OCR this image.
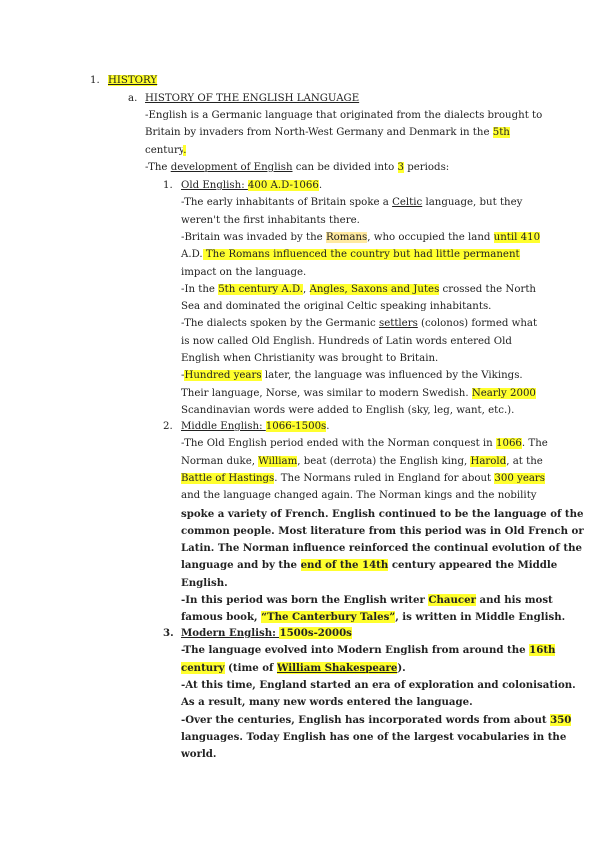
1. HISTORY
a. HISTORY OF THE ENGLISH LANGUAGE
-English is a Germanic language that originated from the dialects brought to
Britain by invaders from North-West Germany and Denmark in the 5th
century.
-The development of English can be divided into 3 periods:
1. Old English: 400 A.D-1066.
-The early inhabitants of Britain spoke a Celtic language, but they
weren't the first inhabitants there.
-Britain was invaded by the Romans, who occupied the land until 410
A.D. The Romans influenced the country but had little permanent
impact on the language.
-In the 5th century A.D., Angles, Saxons and Jutes crossed the North
Sea and dominated the original Celtic speaking inhabitants.
-The dialects spoken by the Germanic settlers (colonos) formed what
is now called Old English. Hundreds of Latin words entered Old
English when Christianity was brought to Britain.
-Hundred years later, the language was influenced by the Vikings.
Their language, Norse, was similar to modern Swedish. Nearly 2000
Scandinavian words were added to English (sky, leg, want, etc.).
2. Middle English: 1066-1500s.
-The Old English period ended with the Norman conquest in 1066. The
Norman duke, William, beat (derrota) the English king, Harold, at the
Battle of Hastings. The Normans ruled in England for about 300 years
and the language changed again. The Norman kings and the nobility
spoke a variety of French. English continued to be the language of the
common people. Most literature from this period was in Old French or
Latin. The Norman influence reinforced the continual evolution of the
language and by the end of the 14th century appeared the Middle
English.
-In this period was born the English writer Chaucer and his most
famous book, “The Canterbury Tales”, is written in Middle English.
3. Modern English: 1500s-2000s
-The language evolved into Modern English from around the 16th
century (time of William Shakespeare).
-At this time, England started an era of exploration and colonisation.
As a result, many new words entered the language.
-Over the centuries, English has incorporated words from about 350
languages. Today English has one of the largest vocabularies in the
world.
